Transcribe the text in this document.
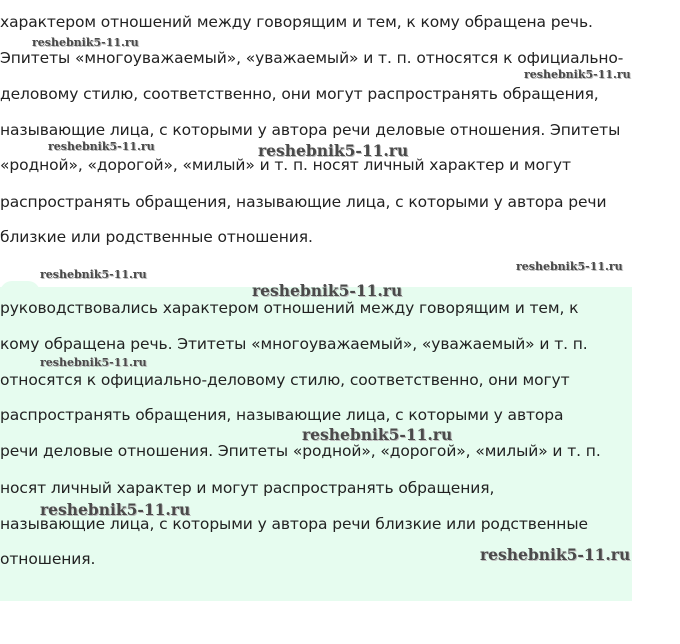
характером отношений между говорящим и тем, к кому обращена речь.

Эпитеты «многоуважаемый», «уважаемый» и т. п. относятся к официально-

деловому стилю, соответственно, они могут распространять обращения,

называющие лица, с которыми у автора речи деловые отношения. Эпитеты

«родной», «дорогой», «милый» и т. п. носят личный характер и могут

распространять обращения, называющие лица, с которыми у автора речи

близкие или родственные отношения.

руководствовались характером отношений между говорящим и тем, к

кому обращена речь. Этитеты «многоуважаемый», «уважаемый» и т. п.

относятся к официально-деловому стилю, соответственно, они могут

распространять обращения, называющие лица, с которыми у автора

речи деловые отношения. Эпитеты «родной», «дорогой», «милый» и т. п.

носят личный характер и могут распространять обращения,

называющие лица, с которыми у автора речи близкие или родственные

отношения.

reshebnik5-11.ru
reshebnik5-11.ru
reshebnik5-11.ru	reshebnik5-11.ru
reshebnik5-11.ru
reshebnik5-11.ru
reshebnik5-11.ru
reshebnik5-11.ru
reshebnik5-11.ru
reshebnik5-11.ru
reshebnik5-11.ru
